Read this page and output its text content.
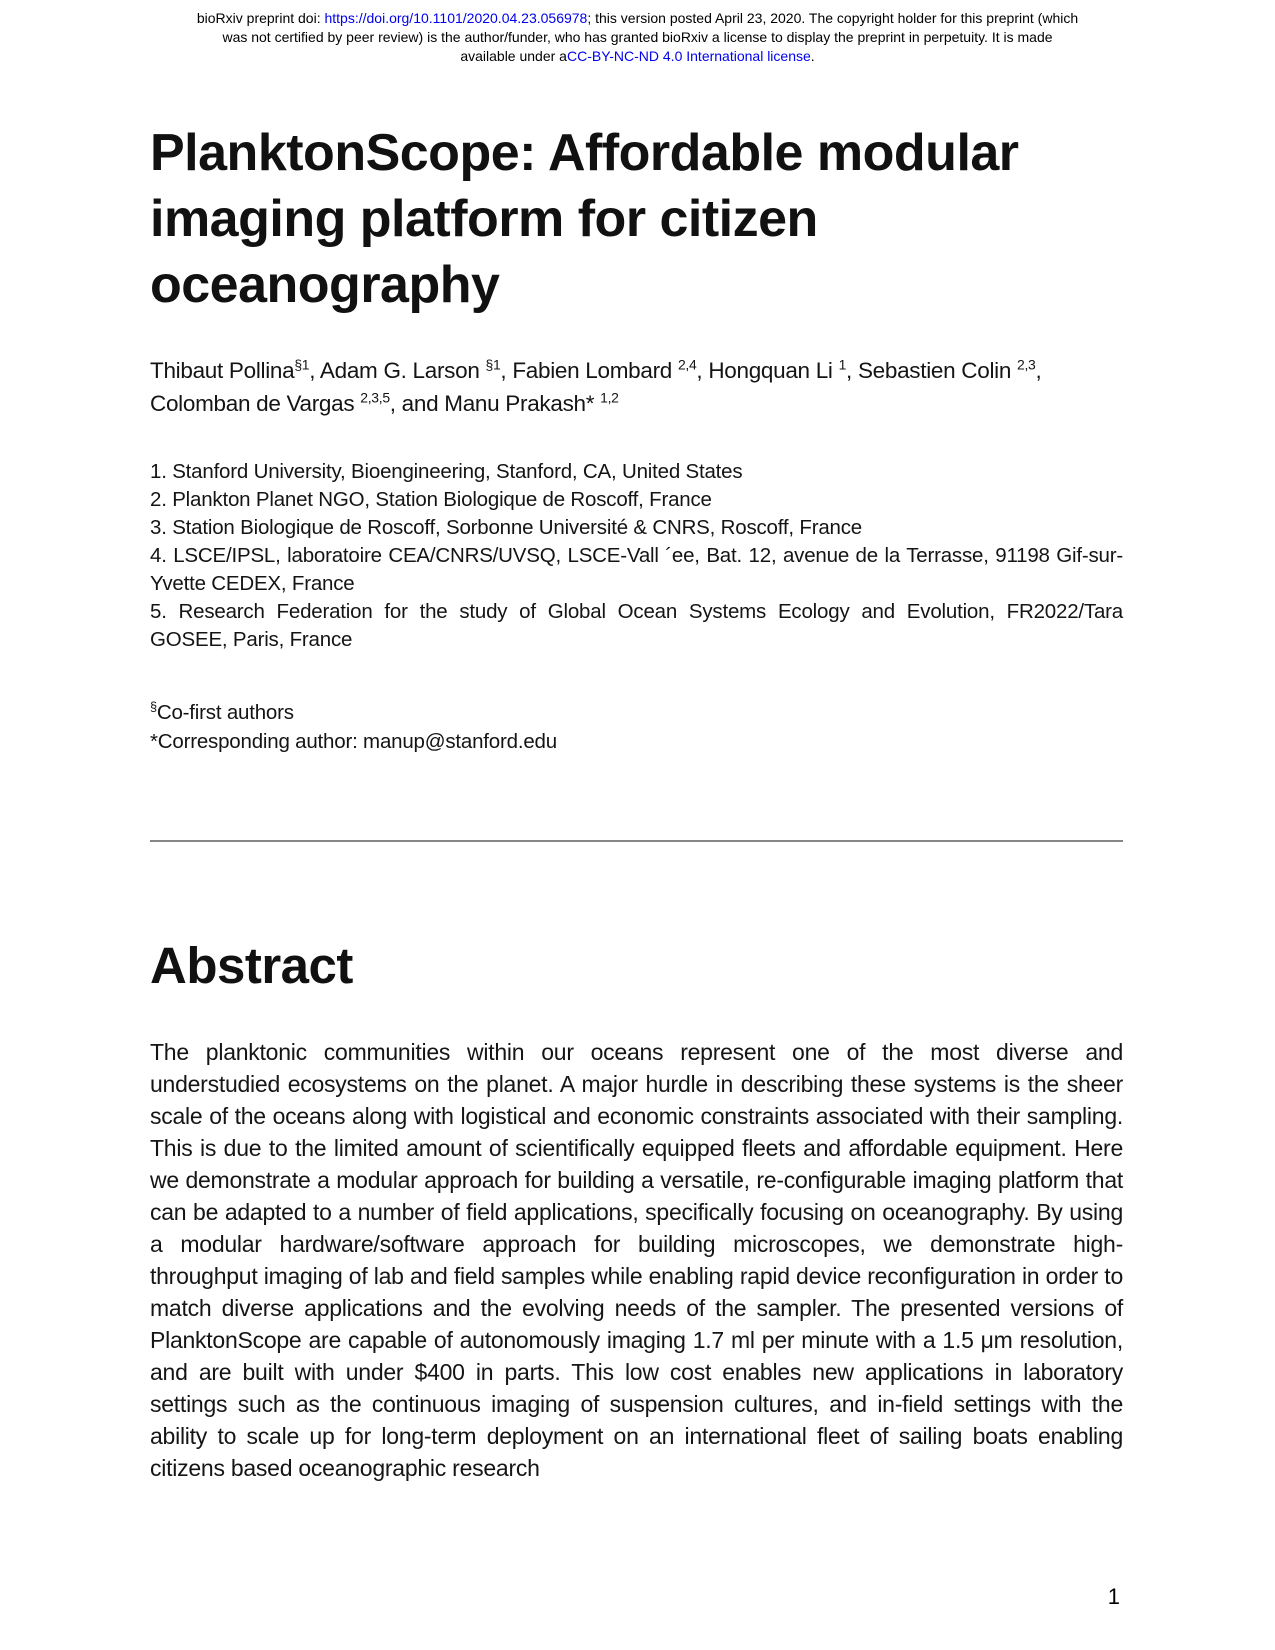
bioRxiv preprint doi: https://doi.org/10.1101/2020.04.23.056978; this version posted April 23, 2020. The copyright holder for this preprint (which
was not certified by peer review) is the author/funder, who has granted bioRxiv a license to display the preprint in perpetuity. It is made
available under aCC-BY-NC-ND 4.0 International license.
PlanktonScope: Affordable modular imaging platform for citizen oceanography
Thibaut Pollina$^{\S 1}$, Adam G. Larson $^{\S 1}$, Fabien Lombard $^{2,4}$, Hongquan Li $^1$, Sebastien Colin $^{2,3}$,
Colomban de Vargas $^{2,3,5}$, and Manu Prakash* $^{1,2}$
1. Stanford University, Bioengineering, Stanford, CA, United States
2. Plankton Planet NGO, Station Biologique de Roscoff, France
3. Station Biologique de Roscoff, Sorbonne Université & CNRS, Roscoff, France
4. LSCE/IPSL, laboratoire CEA/CNRS/UVSQ, LSCE-Vall ´ee, Bat. 12, avenue de la Terrasse, 91198 Gif-sur-Yvette CEDEX, France
5. Research Federation for the study of Global Ocean Systems Ecology and Evolution, FR2022/Tara GOSEE, Paris, France
§Co-first authors
*Corresponding author: manup@stanford.edu
Abstract

The planktonic communities within our oceans represent one of the most diverse and understudied ecosystems on the planet. A major hurdle in describing these systems is the sheer scale of the oceans along with logistical and economic constraints associated with their sampling. This is due to the limited amount of scientifically equipped fleets and affordable equipment. Here we demonstrate a modular approach for building a versatile, re-configurable imaging platform that can be adapted to a number of field applications, specifically focusing on oceanography. By using a modular hardware/software approach for building microscopes, we demonstrate high-throughput imaging of lab and field samples while enabling rapid device reconfiguration in order to match diverse applications and the evolving needs of the sampler. The presented versions of PlanktonScope are capable of autonomously imaging 1.7 ml per minute with a 1.5 μm resolution, and are built with under $400 in parts. This low cost enables new applications in laboratory settings such as the continuous imaging of suspension cultures, and in-field settings with the ability to scale up for long-term deployment on an international fleet of sailing boats enabling citizens based oceanographic research

1
